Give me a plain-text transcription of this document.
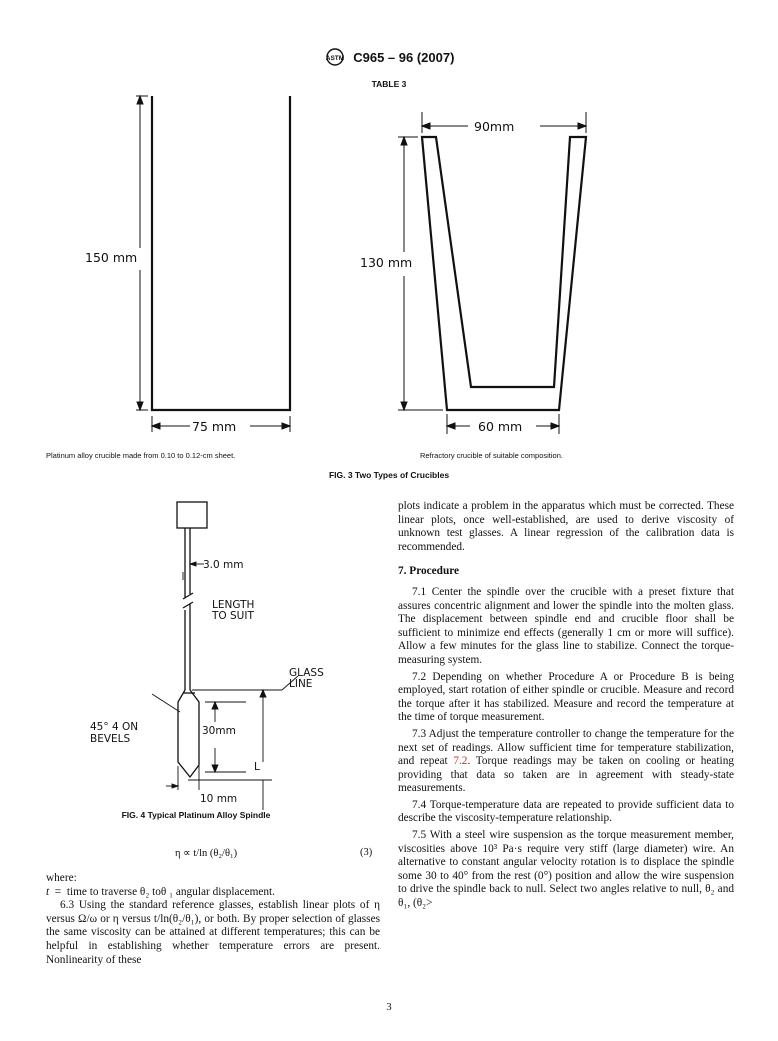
ASTM C965 – 96 (2007)
TABLE 3
150 mm
75 mm
Platinum alloy crucible made from 0.10 to 0.12-cm sheet.
90mm
130 mm
60 mm
Refractory crucible of suitable composition.
FIG. 3 Two Types of Crucibles
3.0 mm
LENGTH
TO SUIT
GLASS
LINE
45° 4 ON
BEVELS
30mm
L
10 mm
FIG. 4 Typical Platinum Alloy Spindle
η ∝ t/ln (θ₂/θ₁)	(3)

where:

t = time to traverse θ₂ toθ ₁ angular displacement.

6.3 Using the standard reference glasses, establish linear plots of η versus Ω/ω or η versus t/ln(θ₂/θ₁), or both. By proper selection of glasses the same viscosity can be attained at different temperatures; this can be helpful in establishing whether temperature errors are present. Nonlinearity of these

plots indicate a problem in the apparatus which must be corrected. These linear plots, once well-established, are used to derive viscosity of unknown test glasses. A linear regression of the calibration data is recommended.

7. Procedure

7.1 Center the spindle over the crucible with a preset fixture that assures concentric alignment and lower the spindle into the molten glass. The displacement between spindle end and crucible floor shall be sufficient to minimize end effects (generally 1 cm or more will suffice). Allow a few minutes for the glass line to stabilize. Connect the torque-measuring system.

7.2 Depending on whether Procedure A or Procedure B is being employed, start rotation of either spindle or crucible. Measure and record the torque after it has stabilized. Measure and record the temperature at the time of torque measurement.

7.3 Adjust the temperature controller to change the temperature for the next set of readings. Allow sufficient time for temperature stabilization, and repeat 7.2. Torque readings may be taken on cooling or heating providing that data so taken are in agreement with steady-state measurements.

7.4 Torque-temperature data are repeated to provide sufficient data to describe the viscosity-temperature relationship.

7.5 With a steel wire suspension as the torque measurement member, viscosities above 10³ Pa·s require very stiff (large diameter) wire. An alternative to constant angular velocity rotation is to displace the spindle some 30 to 40° from the rest (0°) position and allow the wire suspension to drive the spindle back to null. Select two angles relative to null, θ₂ and θ₁, (θ₂>

3
